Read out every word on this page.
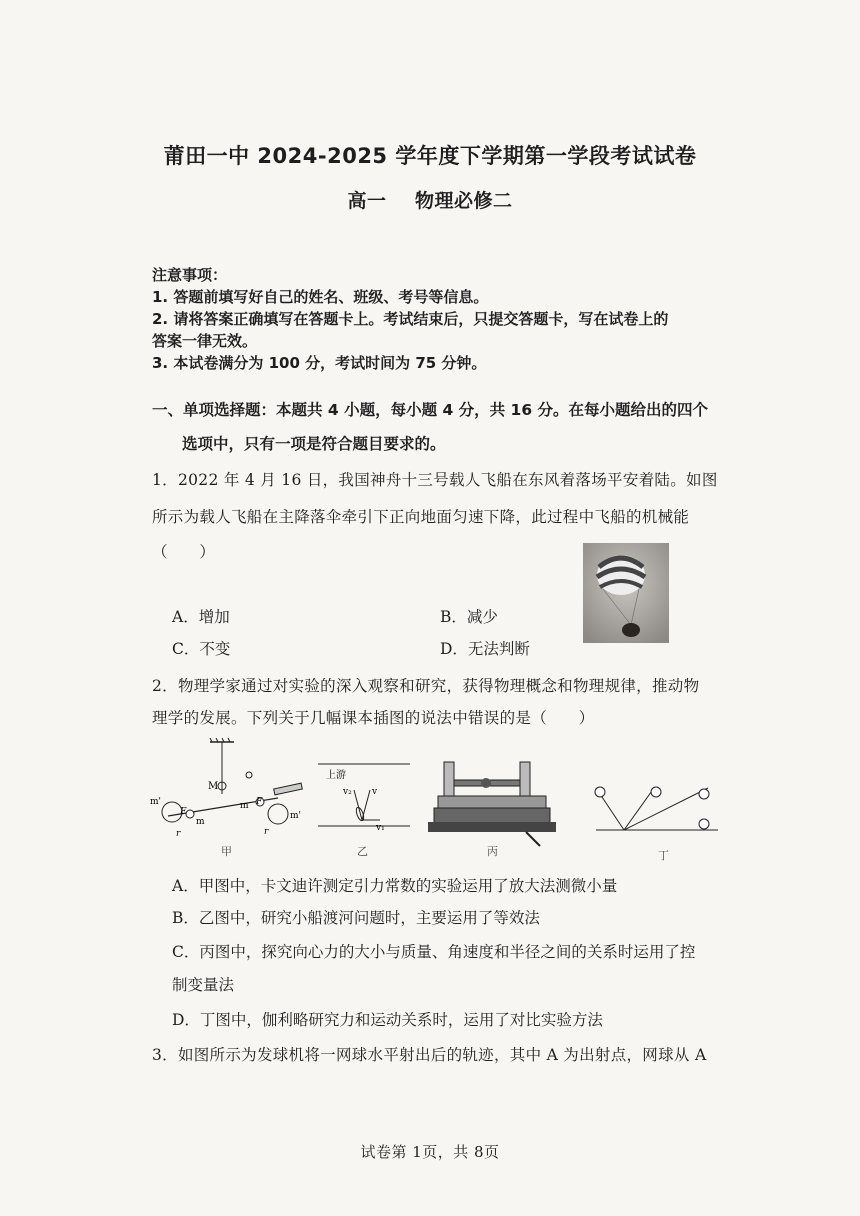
莆田一中 2024-2025 学年度下学期第一学段考试试卷
高一    物理必修二
注意事项：
1. 答题前填写好自己的姓名、班级、考号等信息。
2. 请将答案正确填写在答题卡上。考试结束后，只提交答题卡，写在试卷上的
答案一律无效。
3. 本试卷满分为 100 分，考试时间为 75 分钟。
一、单项选择题：本题共 4 小题，每小题 4 分，共 16 分。在每小题给出的四个
选项中，只有一项是符合题目要求的。
1．2022 年 4 月 16 日，我国神舟十三号载人飞船在东风着落场平安着陆。如图
所示为载人飞船在主降落伞牵引下正向地面匀速下降，此过程中飞船的机械能
（　　）
A．增加	B．减少
C．不变	D．无法判断
2．物理学家通过对实验的深入观察和研究，获得物理概念和物理规律，推动物
理学的发展。下列关于几幅课本插图的说法中错误的是（　　）
M
m'
F
m
r
m F
m'
r
上游
v₂ v
v₁
甲	乙	丙	丁
A．甲图中，卡文迪许测定引力常数的实验运用了放大法测微小量
B．乙图中，研究小船渡河问题时，主要运用了等效法
C．丙图中，探究向心力的大小与质量、角速度和半径之间的关系时运用了控
制变量法
D．丁图中，伽利略研究力和运动关系时，运用了对比实验方法
3．如图所示为发球机将一网球水平射出后的轨迹，其中 A 为出射点，网球从 A
试卷第 1页，共 8页
